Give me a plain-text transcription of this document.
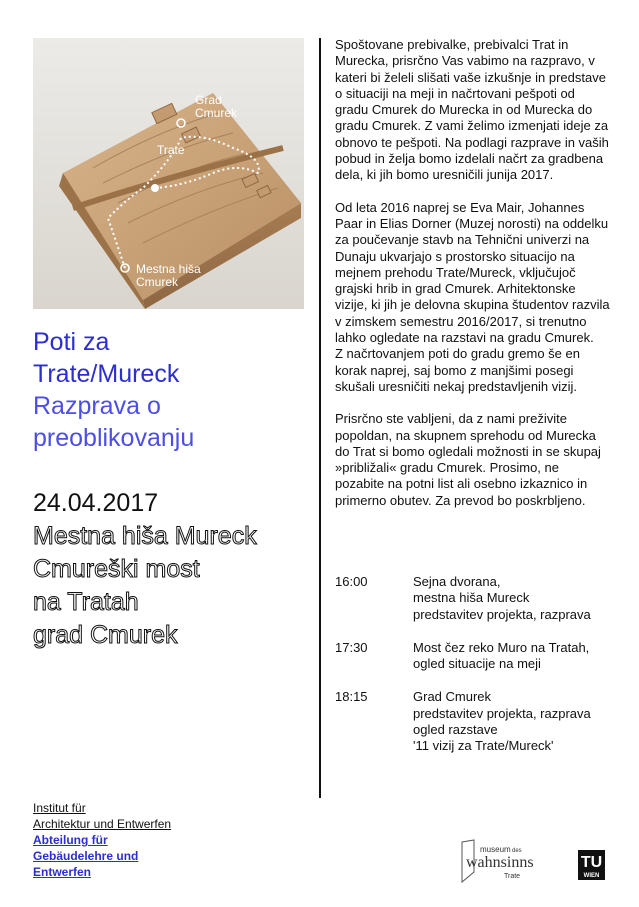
Grad
Cmurek
Trate
Mestna hiša
Cmurek
Poti za
Trate/Mureck
Razprava o
preoblikovanju
24.04.2017
Mestna hiša Mureck
Cmureški most
na Tratah
grad Cmurek

Spoštovane prebivalke, prebivalci Trat in Murecka, prisrčno Vas vabimo na razpravo, v kateri bi želeli slišati vaše izkušnje in predstave o situaciji na meji in načrtovani pešpoti od gradu Cmurek do Murecka in od Murecka do gradu Cmurek. Z vami želimo izmenjati ideje za obnovo te pešpoti. Na podlagi razprave in vaših pobud in želja bomo izdelali načrt za gradbena dela, ki jih bomo uresničili junija 2017.

Od leta 2016 naprej se Eva Mair, Johannes Paar in Elias Dorner (Muzej norosti) na oddelku za poučevanje stavb na Tehnični univerzi na Dunaju ukvarjajo s prostorsko situacijo na mejnem prehodu Trate/Mureck, vključujoč grajski hrib in grad Cmurek. Arhitektonske vizije, ki jih je delovna skupina študentov razvila v zimskem semestru 2016/2017, si trenutno lahko ogledate na razstavi na gradu Cmurek.

Z načrtovanjem poti do gradu gremo še en korak naprej, saj bomo z manjšimi posegi skušali uresničiti nekaj predstavljenih vizij.

Prisrčno ste vabljeni, da z nami preživite popoldan, na skupnem sprehodu od Murecka do Trat si bomo ogledali možnosti in se skupaj »približali« gradu Cmurek. Prosimo, ne pozabite na potni list ali osebno izkaznico in primerno obutev. Za prevod bo poskrbljeno.

16:00	Sejna dvorana,
mestna hiša Mureck
predstavitev projekta, razprava
17:30	Most čez reko Muro na Tratah,
ogled situacije na meji
18:15	Grad Cmurek
predstavitev projekta, razprava
ogled razstave
'11 vizij za Trate/Mureck'
Institut für
Architektur und Entwerfen
Abteilung für
Gebäudelehre und
Entwerfen
museum des
wahnsinns
Trate
TU
WIEN
